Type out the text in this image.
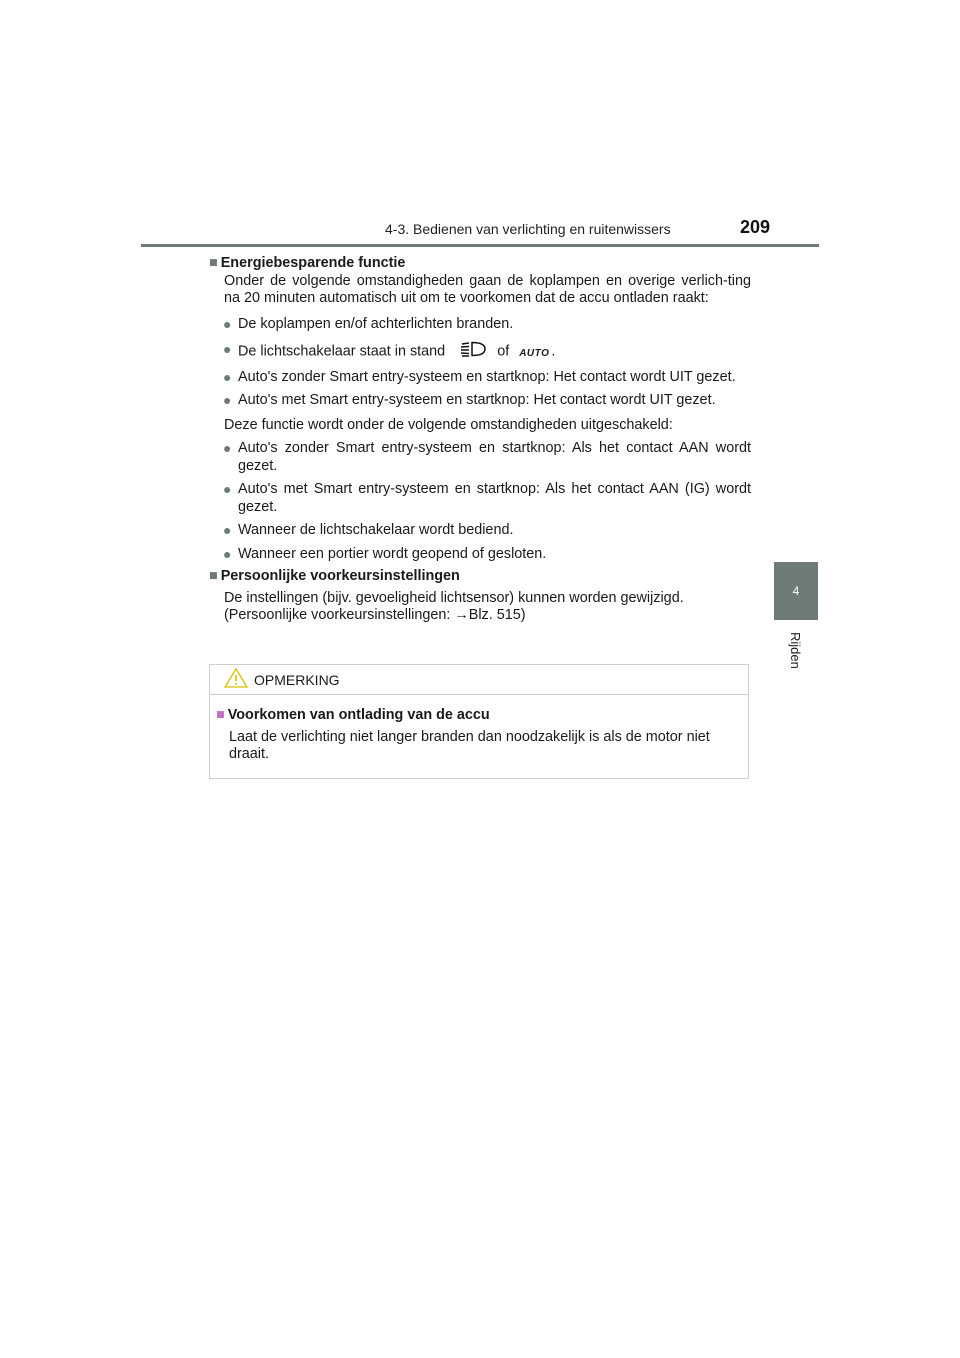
4-3. Bedienen van verlichting en ruitenwissers	209
4
Rijden

■ Energiebesparende functie

Onder de volgende omstandigheden gaan de koplampen en overige verlich-ting na 20 minuten automatisch uit om te voorkomen dat de accu ontladen raakt:

● De koplampen en/of achterlichten branden.
● De lichtschakelaar staat in stand	of AUTO .
● Auto's zonder Smart entry-systeem en startknop: Het contact wordt UIT gezet.
● Auto's met Smart entry-systeem en startknop: Het contact wordt UIT gezet.

Deze functie wordt onder de volgende omstandigheden uitgeschakeld:

● Auto's zonder Smart entry-systeem en startknop: Als het contact AAN wordt gezet.
● Auto's met Smart entry-systeem en startknop: Als het contact AAN (IG) wordt gezet.
● Wanneer de lichtschakelaar wordt bediend.
● Wanneer een portier wordt geopend of gesloten.

■ Persoonlijke voorkeursinstellingen

De instellingen (bijv. gevoeligheid lichtsensor) kunnen worden gewijzigd.

(Persoonlijke voorkeursinstellingen: →Blz. 515)

OPMERKING
■ Voorkomen van ontlading van de accu

Laat de verlichting niet langer branden dan noodzakelijk is als de motor niet draait.
